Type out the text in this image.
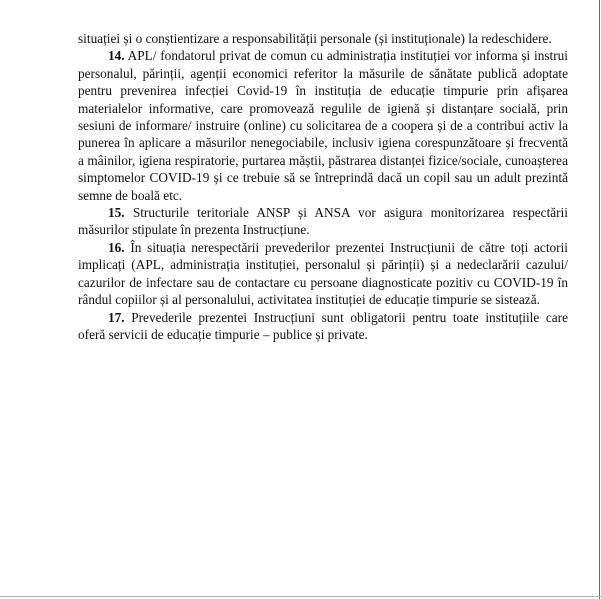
situației și o conștientizare a responsabilității personale (și instituționale) la redeschidere.

14. APL/ fondatorul privat de comun cu administrația instituției vor informa și instrui personalul, părinții, agenții economici referitor la măsurile de sănătate publică adoptate pentru prevenirea infecției Covid-19 în instituția de educație timpurie prin afișarea materialelor informative, care promovează regulile de igienă și distanțare socială, prin sesiuni de informare/ instruire (online) cu solicitarea de a coopera și de a contribui activ la punerea în aplicare a măsurilor nenegociabile, inclusiv igiena corespunzătoare și frecventă a mâinilor, igiena respiratorie, purtarea măștii, păstrarea distanței fizice/sociale, cunoașterea simptomelor COVID-19 și ce trebuie să se întreprindă dacă un copil sau un adult prezintă semne de boală etc.

15. Structurile teritoriale ANSP și ANSA vor asigura monitorizarea respectării măsurilor stipulate în prezenta Instrucțiune.

16. În situația nerespectării prevederilor prezentei Instrucțiunii de către toți actorii implicați (APL, administrația instituției, personalul și părinții) și a nedeclarării cazului/ cazurilor de infectare sau de contactare cu persoane diagnosticate pozitiv cu COVID-19 în rândul copiilor și al personalului, activitatea instituției de educație timpurie se sistează.

17. Prevederile prezentei Instrucțiuni sunt obligatorii pentru toate instituțiile care oferă servicii de educație timpurie – publice și private.
